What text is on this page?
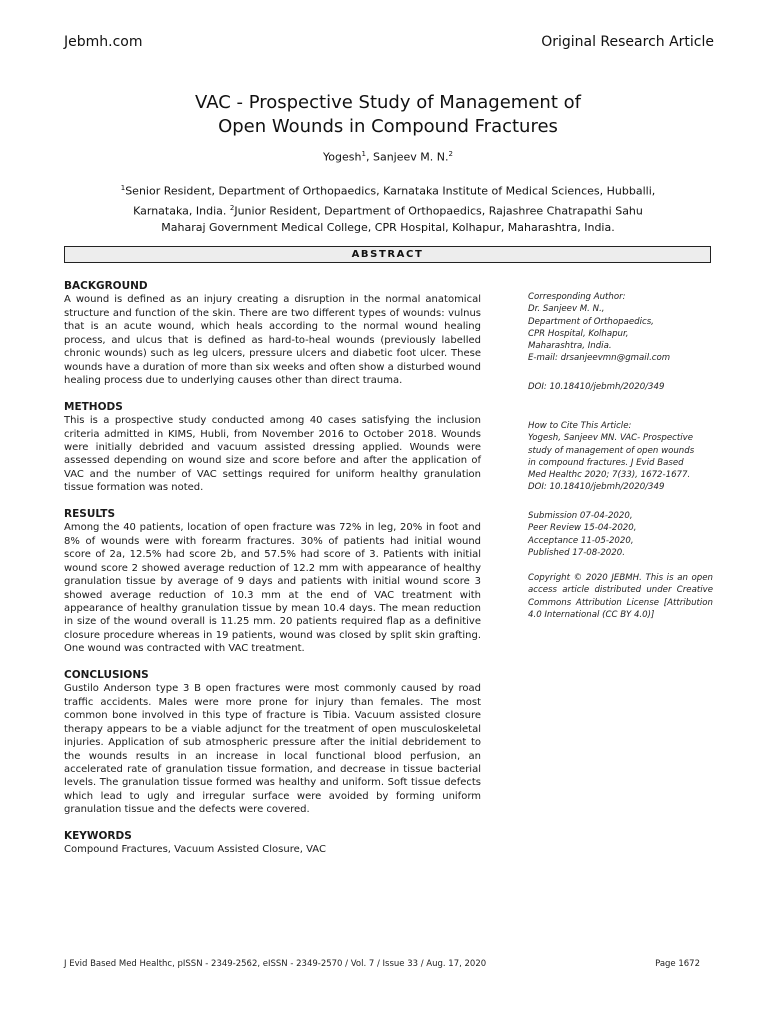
Jebmh.com	Original Research Article
VAC - Prospective Study of Management of
Open Wounds in Compound Fractures
Yogesh$^1$, Sanjeev M. N.$^2$
$^1$Senior Resident, Department of Orthopaedics, Karnataka Institute of Medical Sciences, Hubballi, Karnataka, India. $^2$Junior Resident, Department of Orthopaedics, Rajashree Chatrapathi Sahu Maharaj Government Medical College, CPR Hospital, Kolhapur, Maharashtra, India.
ABSTRACT
BACKGROUND

A wound is defined as an injury creating a disruption in the normal anatomical structure and function of the skin. There are two different types of wounds: vulnus that is an acute wound, which heals according to the normal wound healing process, and ulcus that is defined as hard-to-heal wounds (previously labelled chronic wounds) such as leg ulcers, pressure ulcers and diabetic foot ulcer. These wounds have a duration of more than six weeks and often show a disturbed wound healing process due to underlying causes other than direct trauma.

METHODS

This is a prospective study conducted among 40 cases satisfying the inclusion criteria admitted in KIMS, Hubli, from November 2016 to October 2018. Wounds were initially debrided and vacuum assisted dressing applied. Wounds were assessed depending on wound size and score before and after the application of VAC and the number of VAC settings required for uniform healthy granulation tissue formation was noted.

RESULTS

Among the 40 patients, location of open fracture was 72% in leg, 20% in foot and 8% of wounds were with forearm fractures. 30% of patients had initial wound score of 2a, 12.5% had score 2b, and 57.5% had score of 3. Patients with initial wound score 2 showed average reduction of 12.2 mm with appearance of healthy granulation tissue by average of 9 days and patients with initial wound score 3 showed average reduction of 10.3 mm at the end of VAC treatment with appearance of healthy granulation tissue by mean 10.4 days. The mean reduction in size of the wound overall is 11.25 mm. 20 patients required flap as a definitive closure procedure whereas in 19 patients, wound was closed by split skin grafting. One wound was contracted with VAC treatment.

CONCLUSIONS

Gustilo Anderson type 3 B open fractures were most commonly caused by road traffic accidents. Males were more prone for injury than females. The most common bone involved in this type of fracture is Tibia. Vacuum assisted closure therapy appears to be a viable adjunct for the treatment of open musculoskeletal injuries. Application of sub atmospheric pressure after the initial debridement to the wounds results in an increase in local functional blood perfusion, an accelerated rate of granulation tissue formation, and decrease in tissue bacterial levels. The granulation tissue formed was healthy and uniform. Soft tissue defects which lead to ugly and irregular surface were avoided by forming uniform granulation tissue and the defects were covered.

KEYWORDS

Compound Fractures, Vacuum Assisted Closure, VAC

Corresponding Author:

Dr. Sanjeev M. N.,

Department of Orthopaedics,

CPR Hospital, Kolhapur,

Maharashtra, India.

E-mail: drsanjeevmn@gmail.com

DOI: 10.18410/jebmh/2020/349

How to Cite This Article:

Yogesh, Sanjeev MN. VAC- Prospective

study of management of open wounds

in compound fractures. J Evid Based

Med Healthc 2020; 7(33), 1672-1677.

DOI: 10.18410/jebmh/2020/349

Submission 07-04-2020,

Peer Review 15-04-2020,

Acceptance 11-05-2020,

Published 17-08-2020.

Copyright © 2020 JEBMH. This is an open access article distributed under Creative Commons Attribution License [Attribution 4.0 International (CC BY 4.0)]

J Evid Based Med Healthc, pISSN - 2349-2562, eISSN - 2349-2570 / Vol. 7 / Issue 33 / Aug. 17, 2020	Page 1672
